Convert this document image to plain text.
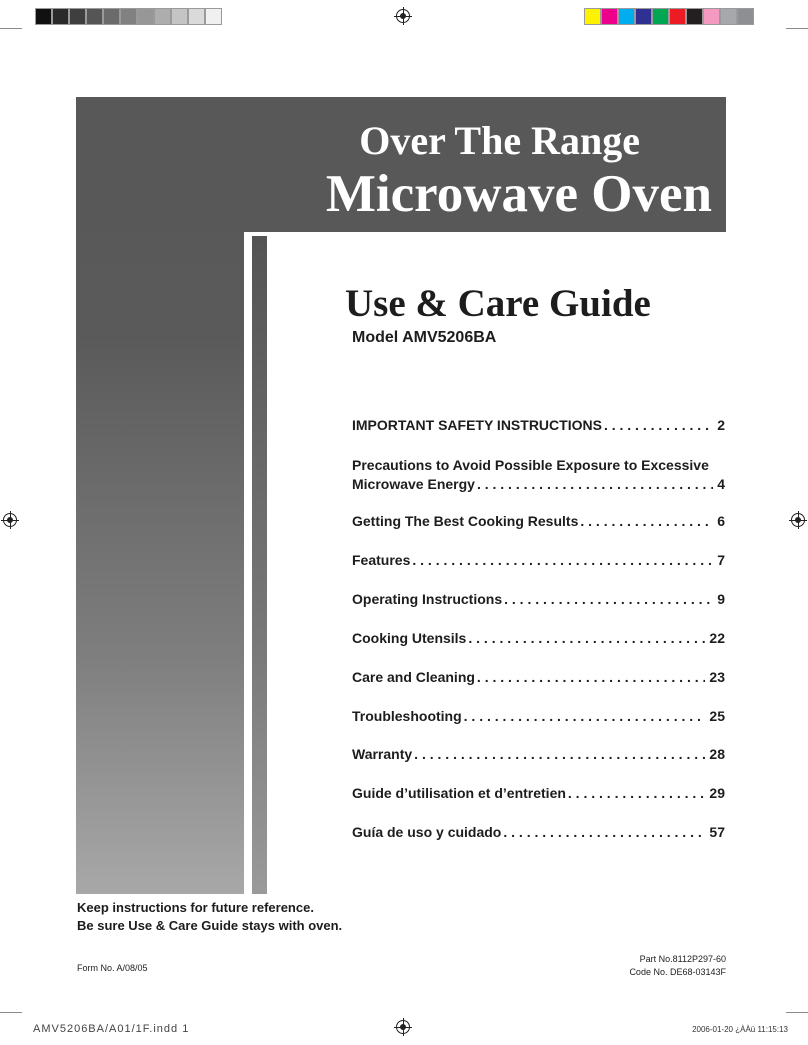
Over The Range
Microwave Oven
Use & Care Guide
Model AMV5206BA
IMPORTANT SAFETY INSTRUCTIONS . . .	2
Precautions to Avoid Possible Exposure to Excessive
Microwave Energy . . .	4
Getting The Best Cooking Results . . .	6
Features . . .	7
Operating Instructions . . .	9
Cooking Utensils . . .	22
Care and Cleaning . . .	23
Troubleshooting . . .	25
Warranty . . .	28
Guide d’utilisation et d’entretien . . .	29
Guía de uso y cuidado . . .	57
Keep instructions for future reference.
Be sure Use & Care Guide stays with oven.
Form No. A/08/05
Part No.8112P297-60
Code No. DE68-03143F
AMV5206BA/A01/1F.indd 1	2006-01-20 ¿ÀÀü 11:15:13
